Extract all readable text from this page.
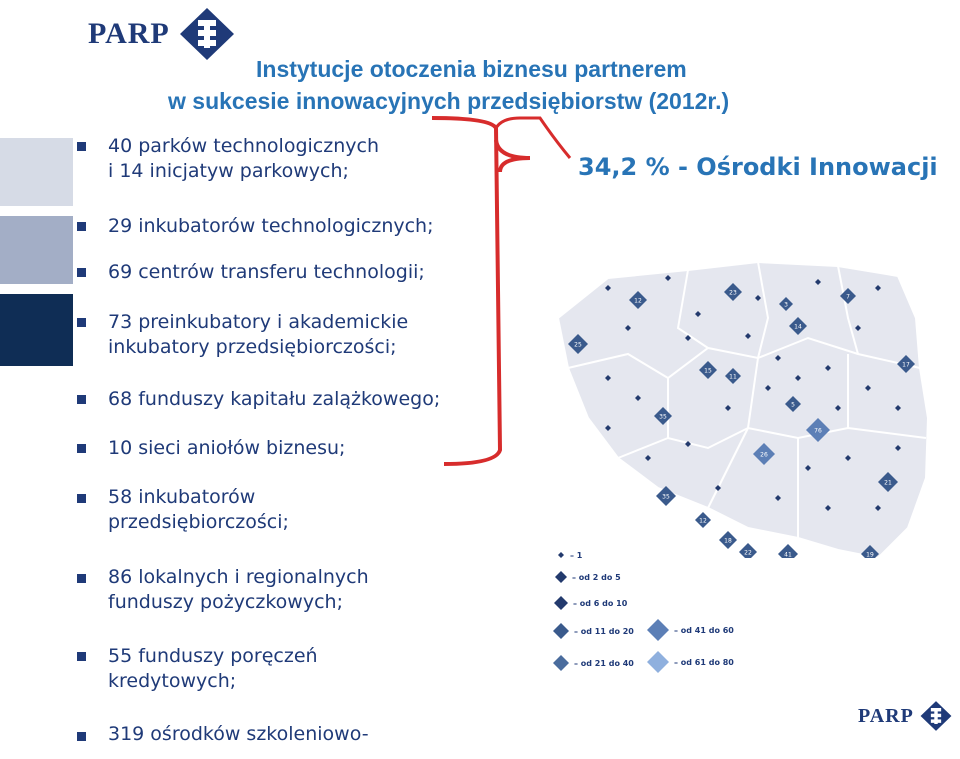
PARP
Instytucje otoczenia biznesu partnerem
w sukcesie innowacyjnych przedsiębiorstw (2012r.)
40 parków technologicznych
i 14 inicjatyw parkowych;
29 inkubatorów technologicznych;
69 centrów transferu technologii;
73 preinkubatory i akademickie
inkubatory przedsiębiorczości;
68 funduszy kapitału zalążkowego;
10 sieci aniołów biznesu;
58 inkubatorów
przedsiębiorczości;
86 lokalnych i regionalnych
funduszy pożyczkowych;
55 funduszy poręczeń
kredytowych;
319 ośrodków szkoleniowo-
34,2 % - Ośrodki Innowacji
12
23
3
7
25
14
15
11
17
5
35
76
26
35
21
12
18
22	41	19
– 1
– od 2 do 5
– od 6 do 10
– od 11 do 20
– od 21 do 40
– od 41 do 60
– od 61 do 80
PARP
